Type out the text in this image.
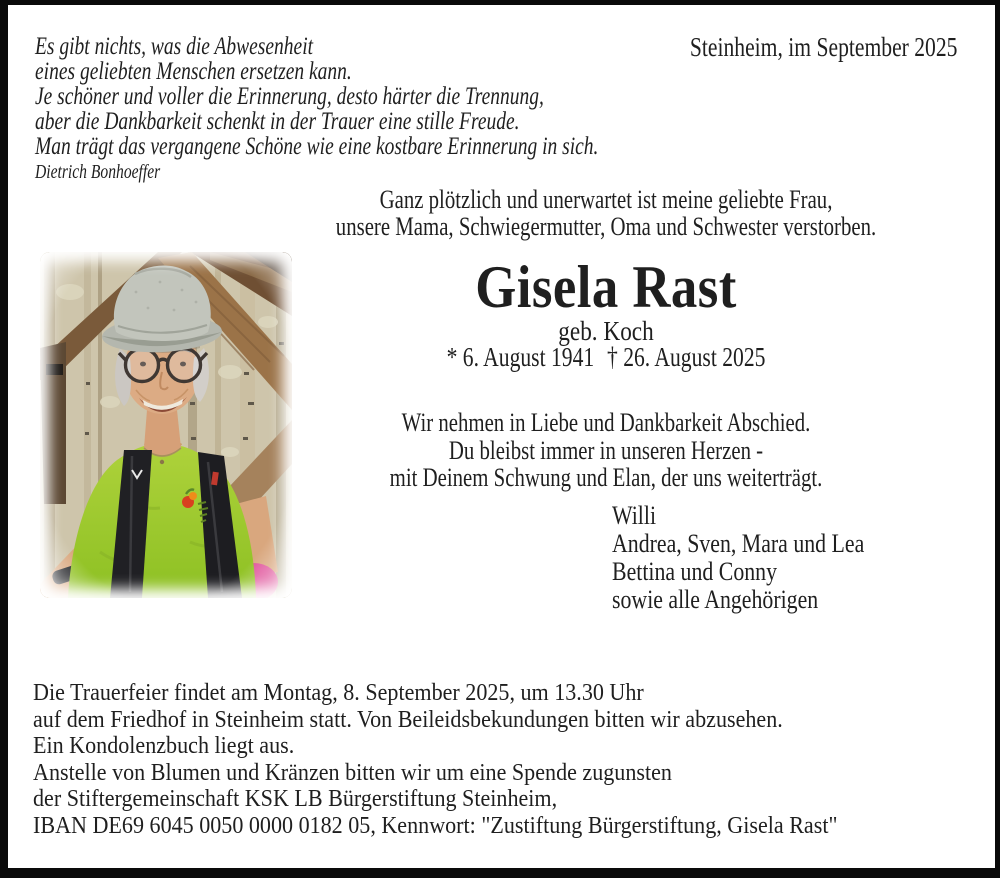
Es gibt nichts, was die Abwesenheit
eines geliebten Menschen ersetzen kann.
Je schöner und voller die Erinnerung, desto härter die Trennung,
aber die Dankbarkeit schenkt in der Trauer eine stille Freude.
Man trägt das vergangene Schöne wie eine kostbare Erinnerung in sich.
Dietrich Bonhoeffer
Steinheim, im September 2025
Ganz plötzlich und unerwartet ist meine geliebte Frau,
unsere Mama, Schwiegermutter, Oma und Schwester verstorben.
Gisela Rast
geb. Koch
* 6. August 1941 † 26. August 2025
Wir nehmen in Liebe und Dankbarkeit Abschied.
Du bleibst immer in unseren Herzen -
mit Deinem Schwung und Elan, der uns weiterträgt.
Willi
Andrea, Sven, Mara und Lea
Bettina und Conny
sowie alle Angehörigen
Die Trauerfeier findet am Montag, 8. September 2025, um 13.30 Uhr
auf dem Friedhof in Steinheim statt. Von Beileidsbekundungen bitten wir abzusehen.
Ein Kondolenzbuch liegt aus.
Anstelle von Blumen und Kränzen bitten wir um eine Spende zugunsten
der Stiftergemeinschaft KSK LB Bürgerstiftung Steinheim,
IBAN DE69 6045 0050 0000 0182 05, Kennwort: "Zustiftung Bürgerstiftung, Gisela Rast"
